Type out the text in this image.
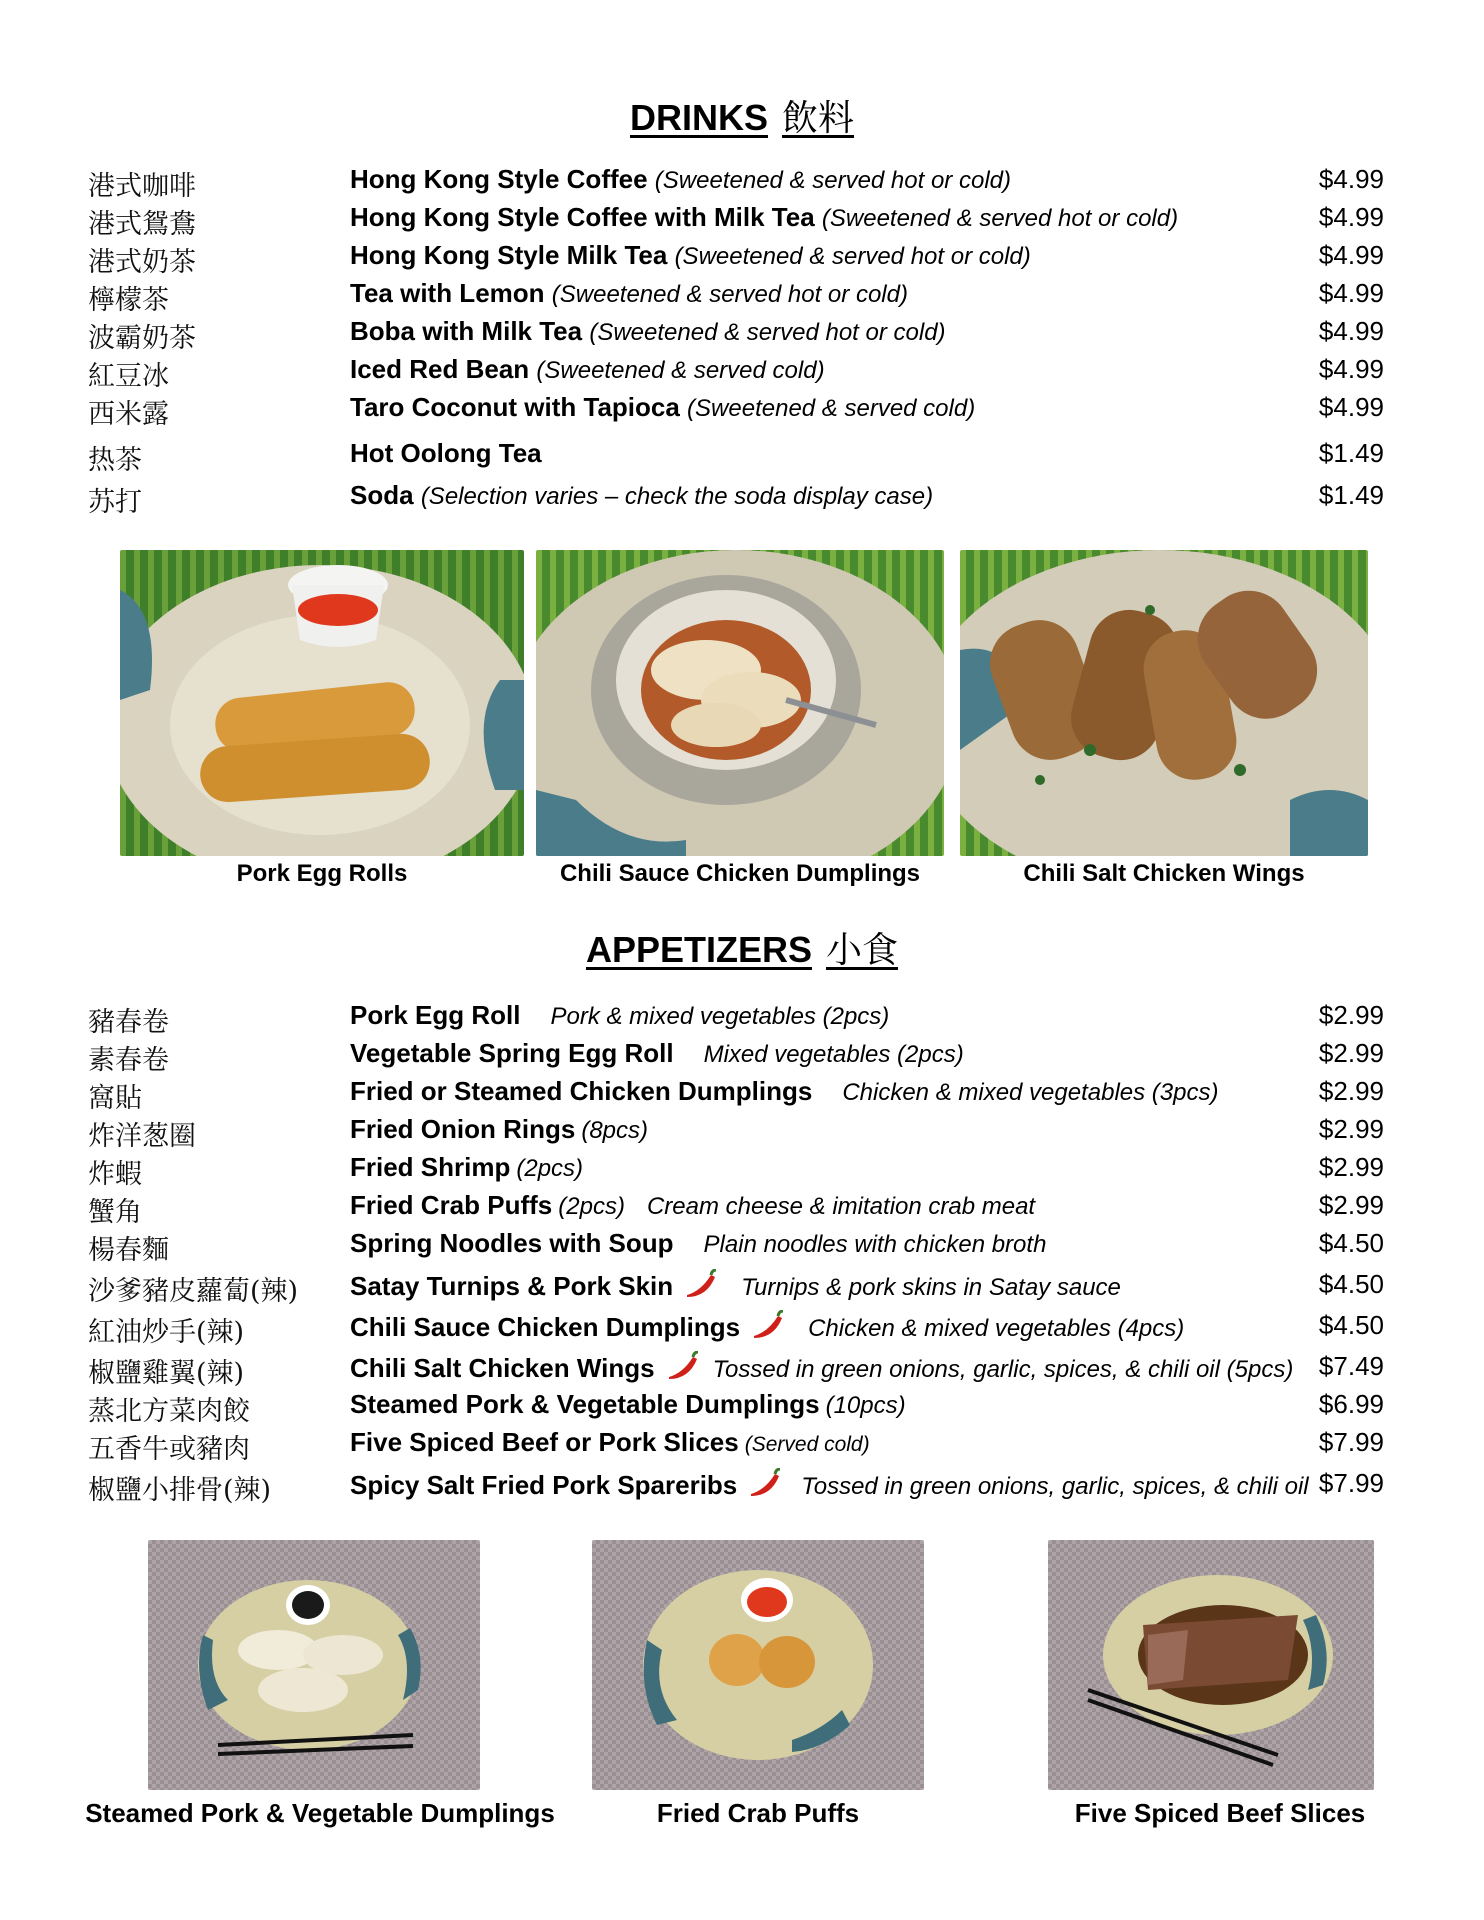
DRINKS 飲料
港式咖啡	Hong Kong Style Coffee (Sweetened & served hot or cold)	$4.99
港式鴛鴦	Hong Kong Style Coffee with Milk Tea (Sweetened & served hot or cold)	$4.99
港式奶茶	Hong Kong Style Milk Tea (Sweetened & served hot or cold)	$4.99
檸檬茶	Tea with Lemon (Sweetened & served hot or cold)	$4.99
波霸奶茶	Boba with Milk Tea (Sweetened & served hot or cold)	$4.99
紅豆冰	Iced Red Bean (Sweetened & served cold)	$4.99
西米露	Taro Coconut with Tapioca (Sweetened & served cold)	$4.99
热茶	Hot Oolong Tea	$1.49
苏打	Soda (Selection varies – check the soda display case)	$1.49
Pork Egg Rolls	Chili Sauce Chicken Dumplings	Chili Salt Chicken Wings
APPETIZERS 小食
豬春卷	Pork Egg Roll Pork & mixed vegetables (2pcs)	$2.99
素春卷	Vegetable Spring Egg Roll Mixed vegetables (2pcs)	$2.99
窩貼	Fried or Steamed Chicken Dumplings Chicken & mixed vegetables (3pcs)	$2.99
炸洋葱圈	Fried Onion Rings (8pcs)	$2.99
炸蝦	Fried Shrimp (2pcs)	$2.99
蟹角	Fried Crab Puffs (2pcs) Cream cheese & imitation crab meat	$2.99
楊春麵	Spring Noodles with Soup Plain noodles with chicken broth	$4.50
沙爹豬皮蘿蔔(辣) Satay Turnips & Pork Skin	Turnips & pork skins in Satay sauce	$4.50
紅油炒手(辣)	Chili Sauce Chicken Dumplings	Chicken & mixed vegetables (4pcs)	$4.50
椒鹽雞翼(辣)	Chili Salt Chicken Wings Tossed in green onions, garlic, spices, & chili oil (5pcs) $7.49
蒸北方菜肉餃	Steamed Pork & Vegetable Dumplings (10pcs)	$6.99
五香牛或豬肉	Five Spiced Beef or Pork Slices (Served cold)	$7.99
椒鹽小排骨(辣)	Spicy Salt Fried Pork Spareribs	Tossed in green onions, garlic, spices, & chili oil $7.99
Steamed Pork & Vegetable Dumplings	Fried Crab Puffs	Five Spiced Beef Slices
